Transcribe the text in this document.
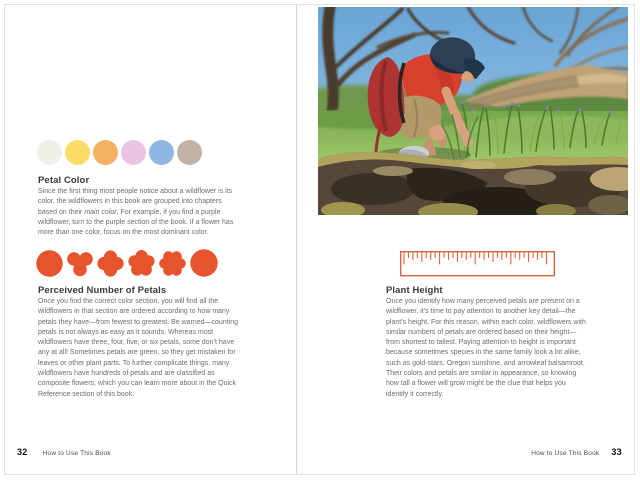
Petal Color

Since the first thing most people notice about a wildflower is its color, the wildflowers in this book are grouped into chapters based on their main color. For example, if you find a purple wildflower, turn to the purple section of the book. If a flower has more than one color, focus on the most dominant color.

Perceived Number of Petals

Once you find the correct color section, you will find all the wildflowers in that section are ordered according to how many petals they have—from fewest to greatest. Be warned—counting petals is not always as easy as it sounds. Whereas most wildflowers have three, four, five, or six petals, some don’t have any at all! Sometimes petals are green, so they get mistaken for leaves or other plant parts. To further complicate things, many wildflowers have hundreds of petals and are classified as composite flowers, which you can learn more about in the Quick Reference section of this book.

32 How to Use This Book
Plant Height

Once you identify how many perceived petals are present on a wildflower, it’s time to pay attention to another key detail—the plant’s height. For this reason, within each color, wildflowers with similar numbers of petals are ordered based on their height—from shortest to tallest. Paying attention to height is important because sometimes species in the same family look a lot alike, such as gold-stars, Oregon sunshine, and arrowleaf balsamroot. Their colors and petals are similar in appearance, so knowing how tall a flower will grow might be the clue that helps you identify it correctly.

How to Use This Book 33
